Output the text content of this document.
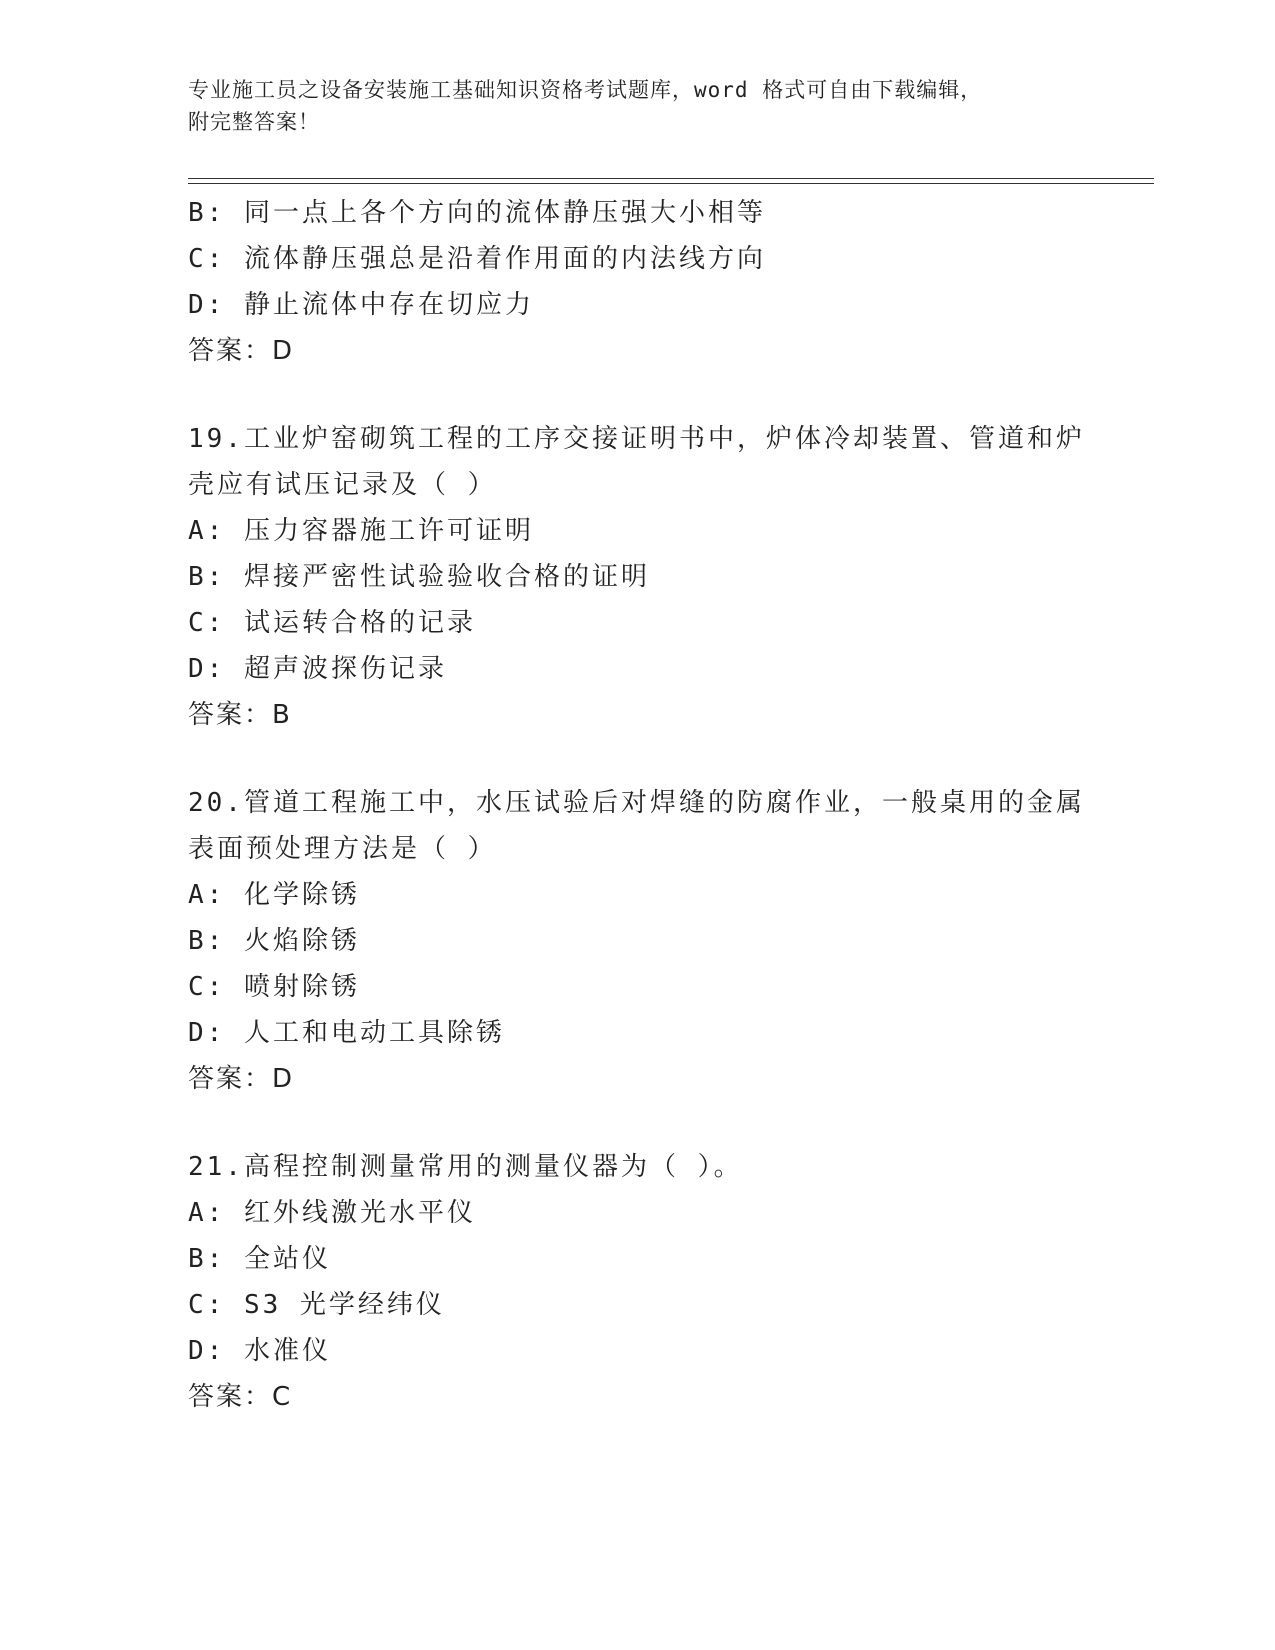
专业施工员之设备安装施工基础知识资格考试题库，word 格式可自由下载编辑，
附完整答案！
B: 同一点上各个方向的流体静压强大小相等
C: 流体静压强总是沿着作用面的内法线方向
D: 静止流体中存在切应力
答案：D
19.工业炉窑砌筑工程的工序交接证明书中，炉体冷却装置、管道和炉
壳应有试压记录及（ ）
A: 压力容器施工许可证明
B: 焊接严密性试验验收合格的证明
C: 试运转合格的记录
D: 超声波探伤记录
答案：B
20.管道工程施工中，水压试验后对焊缝的防腐作业，一般桌用的金属
表面预处理方法是（ ）
A: 化学除锈
B: 火焰除锈
C: 喷射除锈
D: 人工和电动工具除锈
答案：D
21.高程控制测量常用的测量仪器为（ ）。
A: 红外线激光水平仪
B: 全站仪
C: S3 光学经纬仪
D: 水准仪
答案：C
